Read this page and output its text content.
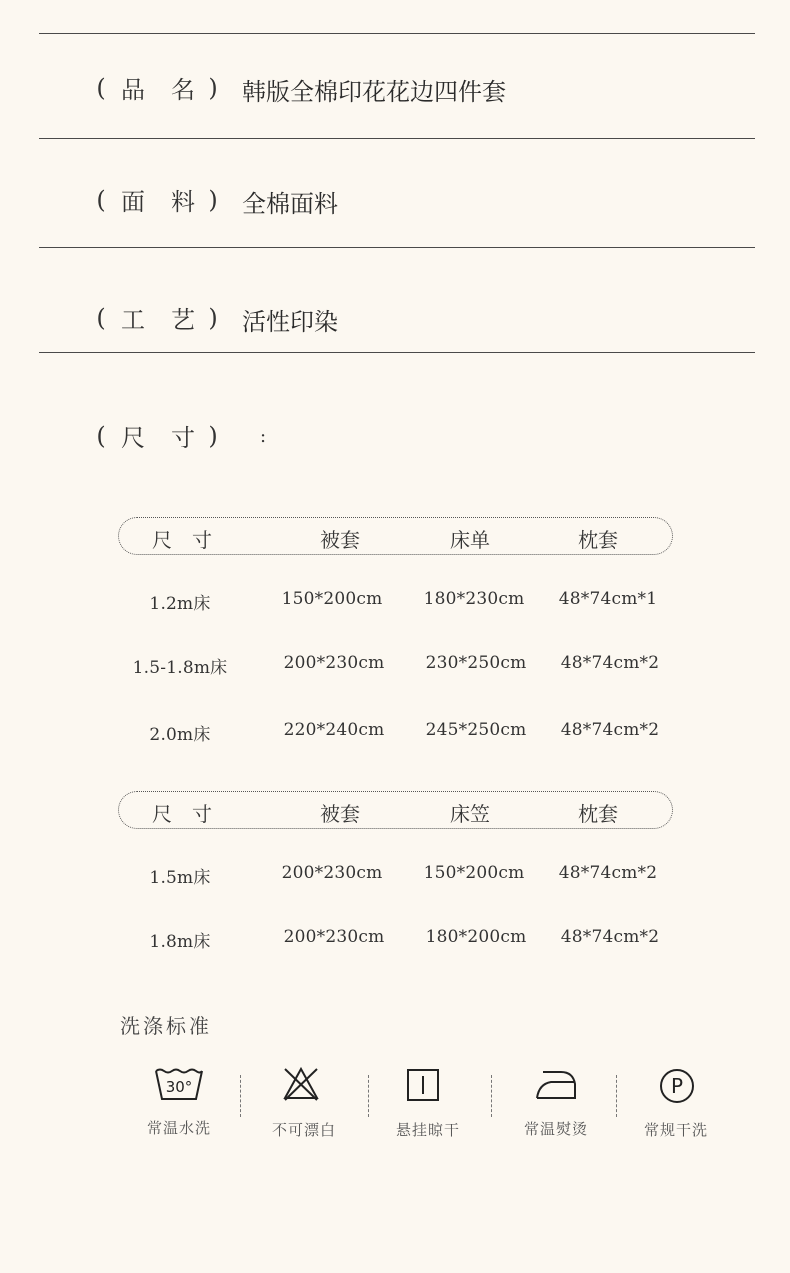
( 品 名 ) 韩版全棉印花花边四件套
( 面 料 ) 全棉面料
( 工 艺 ) 活性印染
( 尺 寸 ) :
尺　寸	被套	床单	枕套
1.2m床	150*200cm	180*230cm	48*74cm*1
1.5-1.8m床	200*230cm	230*250cm	48*74cm*2
2.0m床	220*240cm	245*250cm	48*74cm*2
尺　寸	被套	床笠	枕套
1.5m床	200*230cm	150*200cm	48*74cm*2
1.8m床	200*230cm	180*200cm	48*74cm*2
洗涤标准
30°
常温水洗	不可漂白	悬挂晾干	常温熨烫
P
常规干洗
